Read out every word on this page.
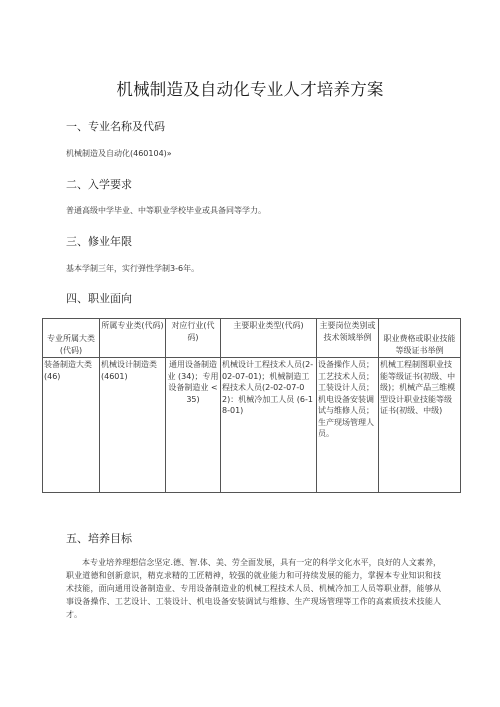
机械制造及自动化专业人才培养方案
一、专业名称及代码
机械制造及自动化(460104)»
二、入学要求
普通高级中学毕业、中等职业学校毕业或具备同等学力。
三、修业年限
基本学制三年，实行弹性学制3-6年。
四、职业面向
专业所属大类(代码)	所属专业类(代码)	对应行业(代码)	主要职业类型(代码)	主要岗位类别或技术领域举例	职业费格或职业技能等级证书举例
装备制造大类(46)	机械设计制造类(4601)	通用设备制造业 (34)；专用设备制造业 <35)	机械设计工程技术人员(2-02-07-01)；机械制造工程技术人员(2-02-07-02)：机械冷加工人员 (6-18-01)	设备操作人员；工艺技术人员；工装设计人员；机电设备安装调试与维修人员；生产现场管理人员。	机械工程制图职业技能等级证书(初级、中级)；机械产品三维模型设计职业技能等级证书(初级、中级)
五、培养目标
本专业培养理想信念坚定.德、智.体、美、劳全面发展，具有一定的科学文化水平，良好的人文素养，职业道德和创新意识，精克求精的工匠精神，较强的就业能力和可持续发展的能力，掌握本专业知识和技术技能，面向通用设备制造业、专用设备制造业的机械工程技术人员、机械冷加工人员等职业群，能够从事设备操作、工艺设计、工装设计、机电设备安装调试与维修、生产现场管理等工作的高素质技术技能人才。
